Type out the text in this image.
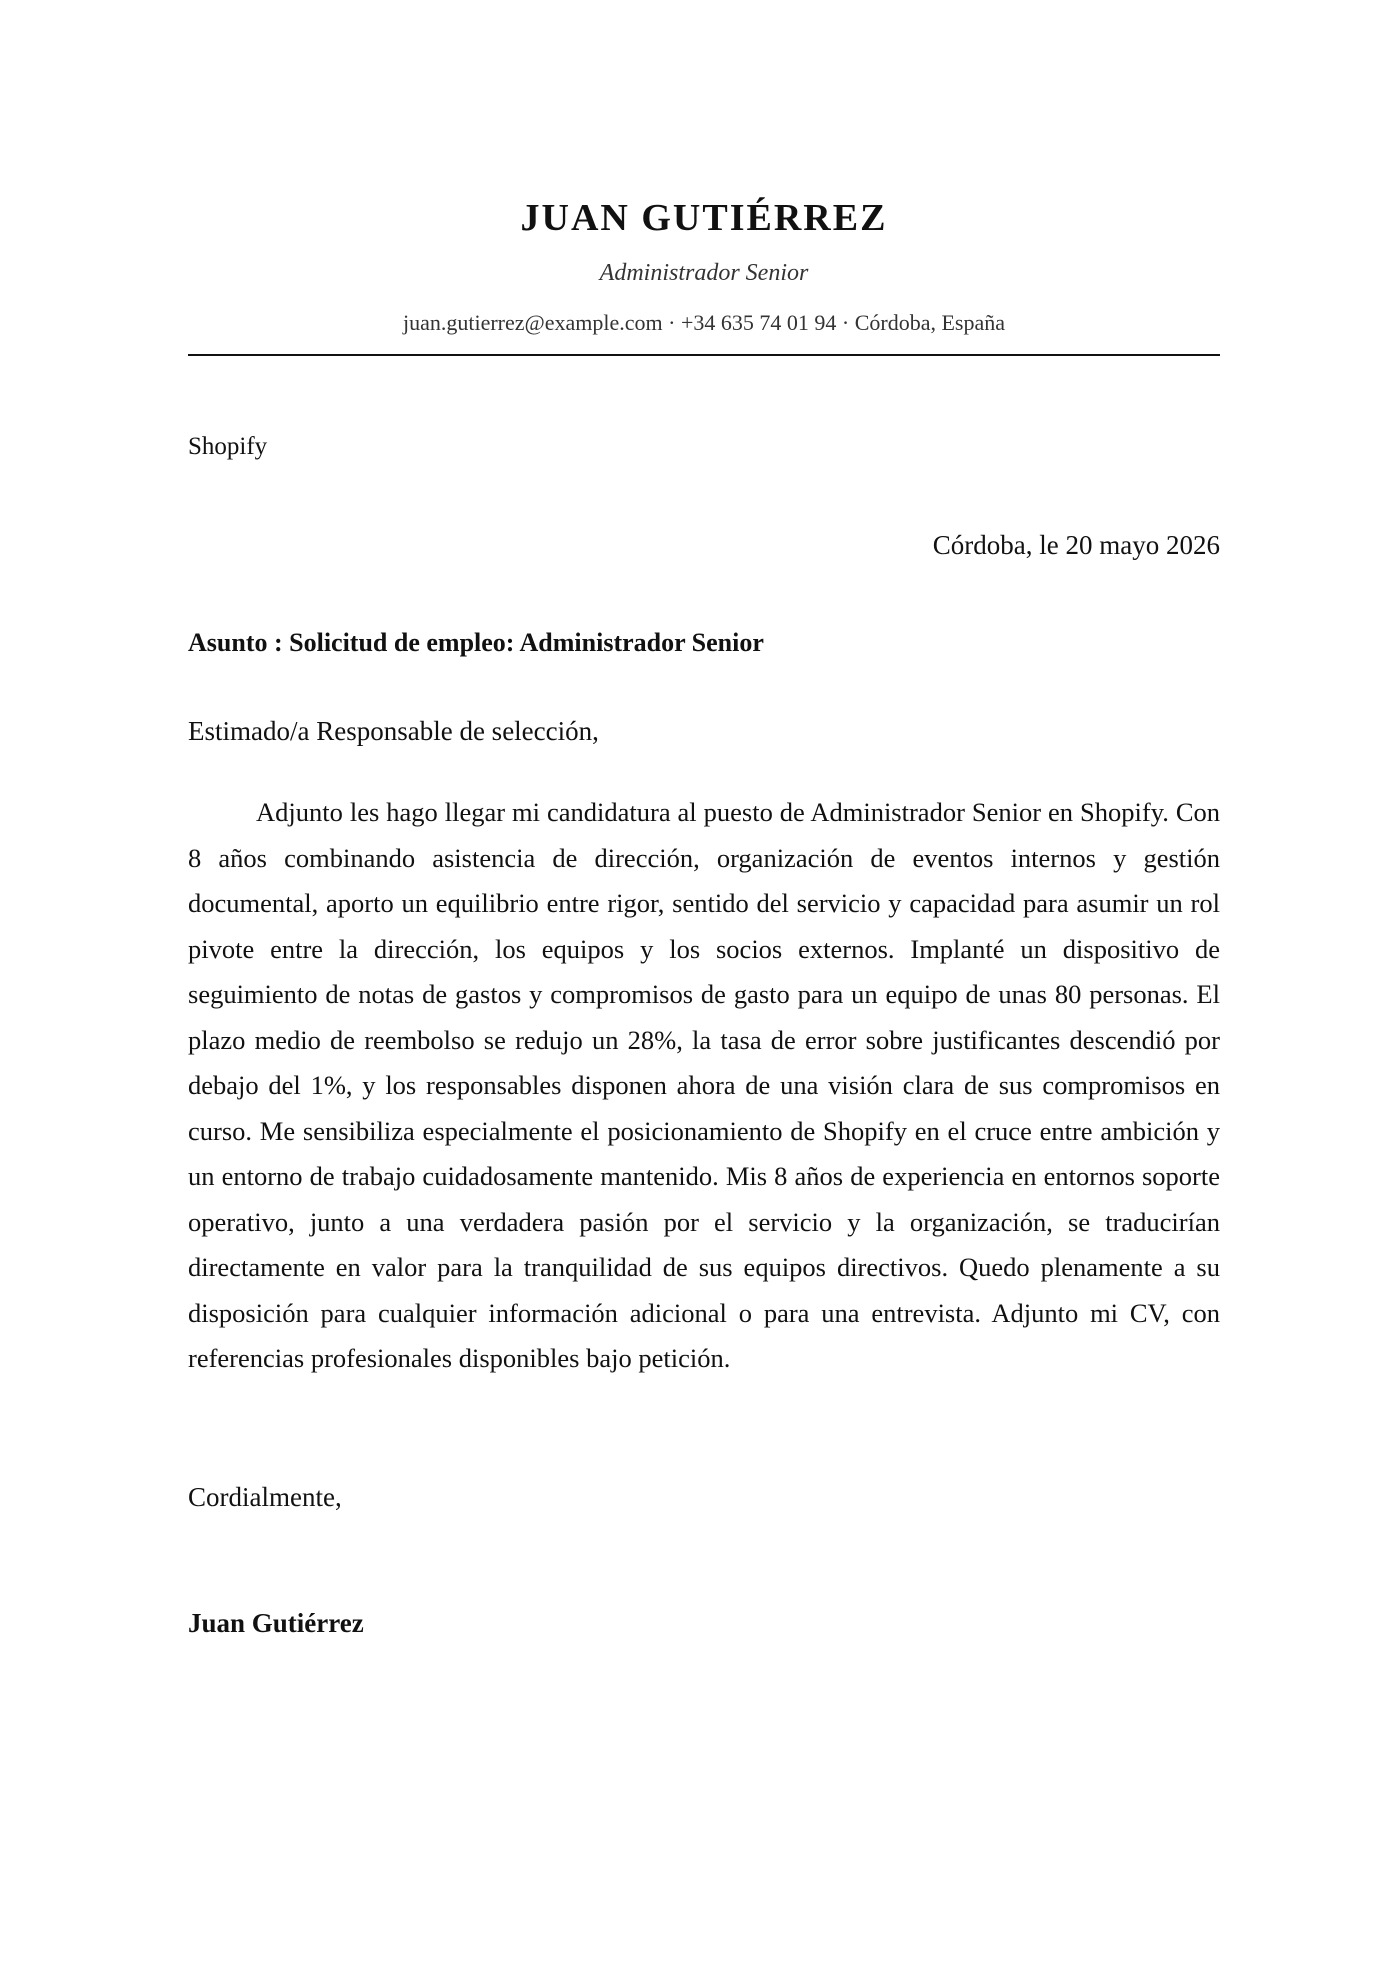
JUAN GUTIÉRREZ
Administrador Senior
juan.gutierrez@example.com · +34 635 74 01 94 · Córdoba, España
Shopify
Córdoba, le 20 mayo 2026
Asunto : Solicitud de empleo: Administrador Senior
Estimado/a Responsable de selección,

Adjunto les hago llegar mi candidatura al puesto de Administrador Senior en Shopify. Con 8 años combinando asistencia de dirección, organización de eventos internos y gestión documental, aporto un equilibrio entre rigor, sentido del servicio y capacidad para asumir un rol pivote entre la dirección, los equipos y los socios externos. Implanté un dispositivo de seguimiento de notas de gastos y compromisos de gasto para un equipo de unas 80 personas. El plazo medio de reembolso se redujo un 28%, la tasa de error sobre justificantes descendió por debajo del 1%, y los responsables disponen ahora de una visión clara de sus compromisos en curso. Me sensibiliza especialmente el posicionamiento de Shopify en el cruce entre ambición y un entorno de trabajo cuidadosamente mantenido. Mis 8 años de experiencia en entornos soporte operativo, junto a una verdadera pasión por el servicio y la organización, se traducirían directamente en valor para la tranquilidad de sus equipos directivos. Quedo plenamente a su disposición para cualquier información adicional o para una entrevista. Adjunto mi CV, con referencias profesionales disponibles bajo petición.

Cordialmente,
Juan Gutiérrez
